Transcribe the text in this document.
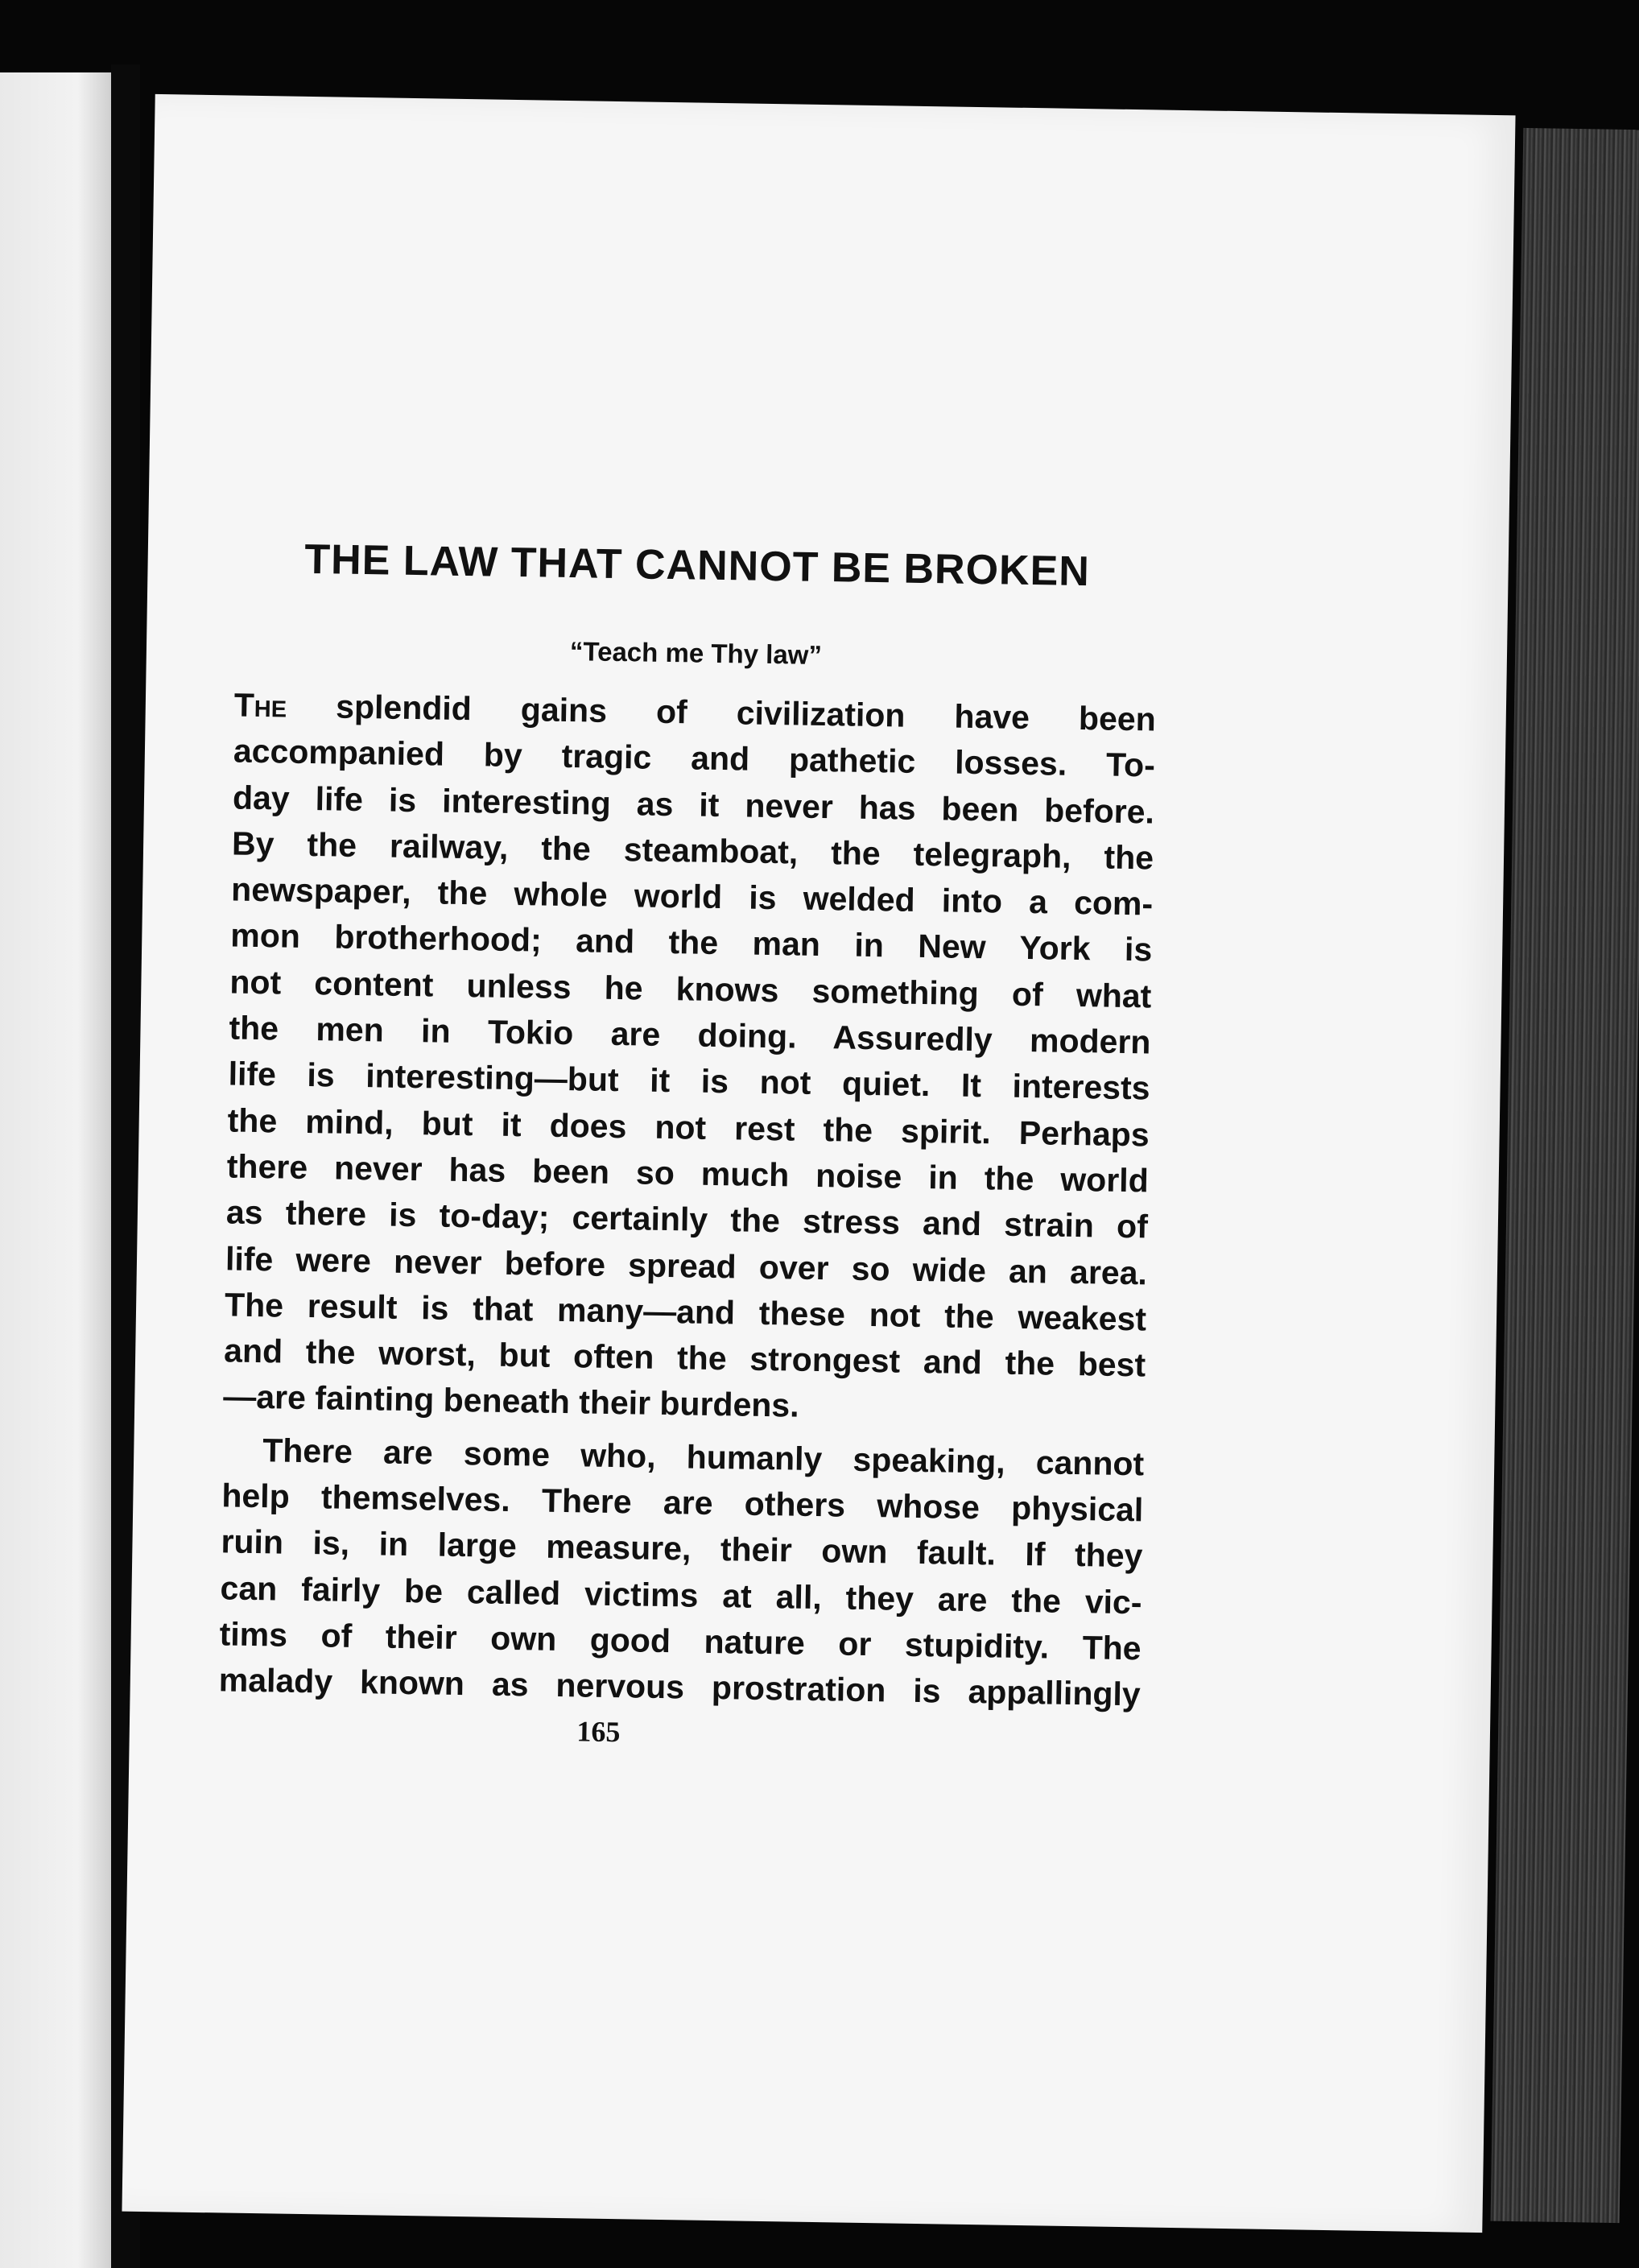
THE LAW THAT CANNOT BE BROKEN
“Teach me Thy law”
The splendid gains of civilization have been
accompanied by tragic and pathetic losses. To-
day life is interesting as it never has been before.
By the railway, the steamboat, the telegraph, the
newspaper, the whole world is welded into a com-
mon brotherhood; and the man in New York is
not content unless he knows something of what
the men in Tokio are doing. Assuredly modern
life is interesting—but it is not quiet. It interests
the mind, but it does not rest the spirit. Perhaps
there never has been so much noise in the world
as there is to-day; certainly the stress and strain of
life were never before spread over so wide an area.
The result is that many—and these not the weakest
and the worst, but often the strongest and the best
—are fainting beneath their burdens.
There are some who, humanly speaking, cannot
help themselves. There are others whose physical
ruin is, in large measure, their own fault. If they
can fairly be called victims at all, they are the vic-
tims of their own good nature or stupidity. The
malady known as nervous prostration is appallingly
165
